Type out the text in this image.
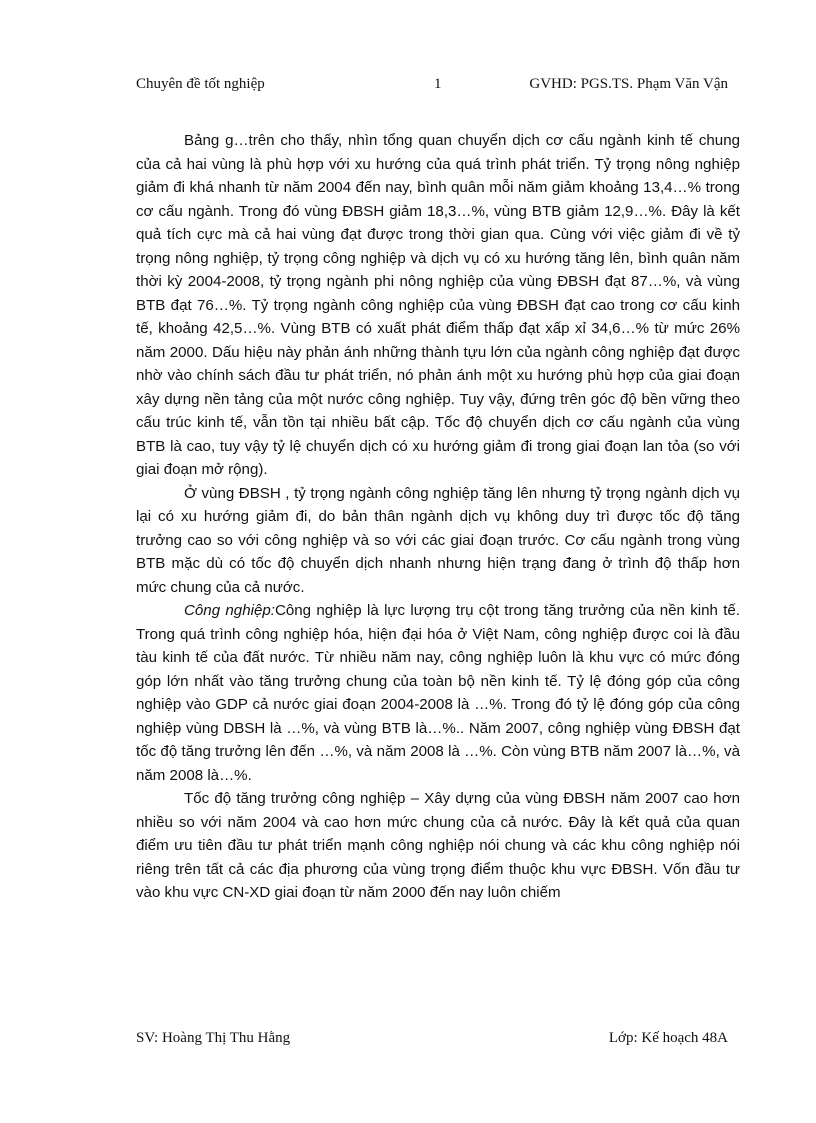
Chuyên đề tốt nghiệp	1	GVHD: PGS.TS. Phạm Văn Vận

Bảng g…trên cho thấy, nhìn tổng quan chuyển dịch cơ cấu ngành kinh tế chung của cả hai vùng là phù hợp với xu hướng của quá trình phát triển. Tỷ trọng nông nghiệp giảm đi khá nhanh từ năm 2004 đến nay, bình quân mỗi năm giảm khoảng 13,4…% trong cơ cấu ngành. Trong đó vùng ĐBSH giảm 18,3…%, vùng BTB giảm 12,9…%. Đây là kết quả tích cực mà cả hai vùng đạt được trong thời gian qua. Cùng với việc giảm đi về tỷ trọng nông nghiệp, tỷ trọng công nghiệp và dịch vụ có xu hướng tăng lên, bình quân năm thời kỳ 2004-2008, tỷ trọng ngành phi nông nghiệp của vùng ĐBSH đạt 87…%, và vùng BTB đạt 76…%. Tỷ trọng ngành công nghiệp của vùng ĐBSH đạt cao trong cơ cấu kinh tế, khoảng 42,5…%. Vùng BTB có xuất phát điểm thấp đạt xấp xỉ 34,6…% từ mức 26% năm 2000. Dấu hiệu này phản ánh những thành tựu lớn của ngành công nghiệp đạt được nhờ vào chính sách đầu tư phát triển, nó phản ánh một xu hướng phù hợp của giai đoạn xây dựng nền tảng của một nước công nghiệp. Tuy vậy, đứng trên góc độ bền vững theo cấu trúc kinh tế, vẫn tồn tại nhiều bất cập. Tốc độ chuyển dịch cơ cấu ngành của vùng BTB là cao, tuy vậy tỷ lệ chuyển dịch có xu hướng giảm đi trong giai đoạn lan tỏa (so với giai đoạn mở rộng).

Ở vùng ĐBSH , tỷ trọng ngành công nghiệp tăng lên nhưng tỷ trọng ngành dịch vụ lại có xu hướng giảm đi, do bản thân ngành dịch vụ không duy trì được tốc độ tăng trưởng cao so với công nghiệp và so với các giai đoạn trước. Cơ cấu ngành trong vùng BTB mặc dù có tốc độ chuyển dịch nhanh nhưng hiện trạng đang ở trình độ thấp hơn mức chung của cả nước.

Công nghiệp:Công nghiệp là lực lượng trụ cột trong tăng trưởng của nền kinh tế. Trong quá trình công nghiệp hóa, hiện đại hóa ở Việt Nam, công nghiệp được coi là đầu tàu kinh tế của đất nước. Từ nhiều năm nay, công nghiệp luôn là khu vực có mức đóng góp lớn nhất vào tăng trưởng chung của toàn bộ nền kinh tế. Tỷ lệ đóng góp của công nghiệp vào GDP cả nước giai đoạn 2004-2008 là …%. Trong đó tỷ lệ đóng góp của công nghiệp vùng DBSH là …%, và vùng BTB là…%.. Năm 2007, công nghiệp vùng ĐBSH đạt tốc độ tăng trưởng lên đến …%, và năm 2008 là …%. Còn vùng BTB năm 2007 là…%, và năm 2008 là…%.

Tốc độ tăng trưởng công nghiệp – Xây dựng của vùng ĐBSH năm 2007 cao hơn nhiều so với năm 2004 và cao hơn mức chung của cả nước. Đây là kết quả của quan điểm ưu tiên đầu tư phát triển mạnh công nghiệp nói chung và các khu công nghiệp nói riêng trên tất cả các địa phương của vùng trọng điểm thuộc khu vực ĐBSH. Vốn đầu tư vào khu vực CN-XD giai đoạn từ năm 2000 đến nay luôn chiếm

SV: Hoàng Thị Thu Hằng	Lớp: Kế hoạch 48A
